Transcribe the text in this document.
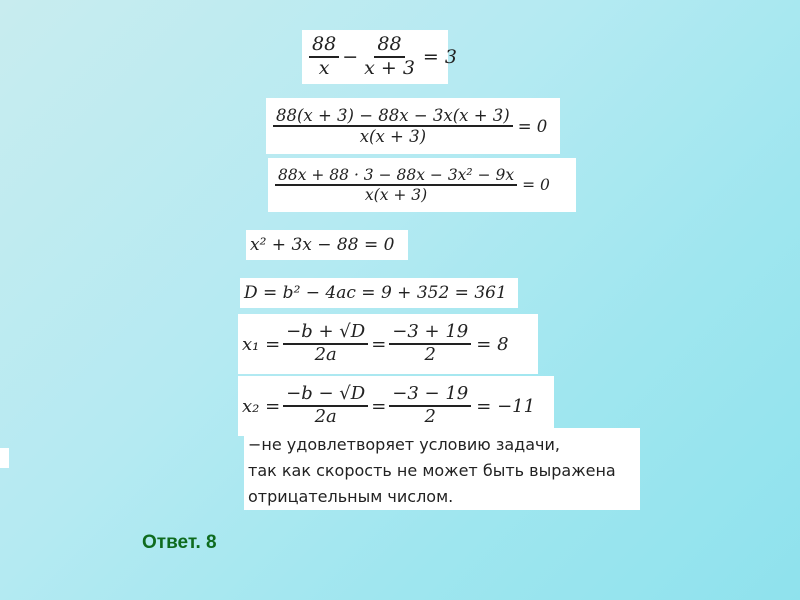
$\frac{88}{x} - \frac{88}{x + 3} = 3$
$\frac{88(x + 3) - 88x - 3x(x + 3)}{x(x + 3)} = 0$
$\frac{\text{88x + 88 · 3 − 88x − 3x² − 9x}}{x(x + 3)} = 0$
x² + 3x − 88 = 0
D = b² − 4ac = 9 + 352 = 361
$x_1 = \frac{-b + √D}{2a} = \frac{-3 + 19}{2} = 8$
$x_2 = \frac{-b - √D}{2a} = \frac{-3 - 19}{2} = -11$
−не удовлетворяет условию задачи,
так как скорость не может быть выражена
отрицательным числом.
Ответ. 8
